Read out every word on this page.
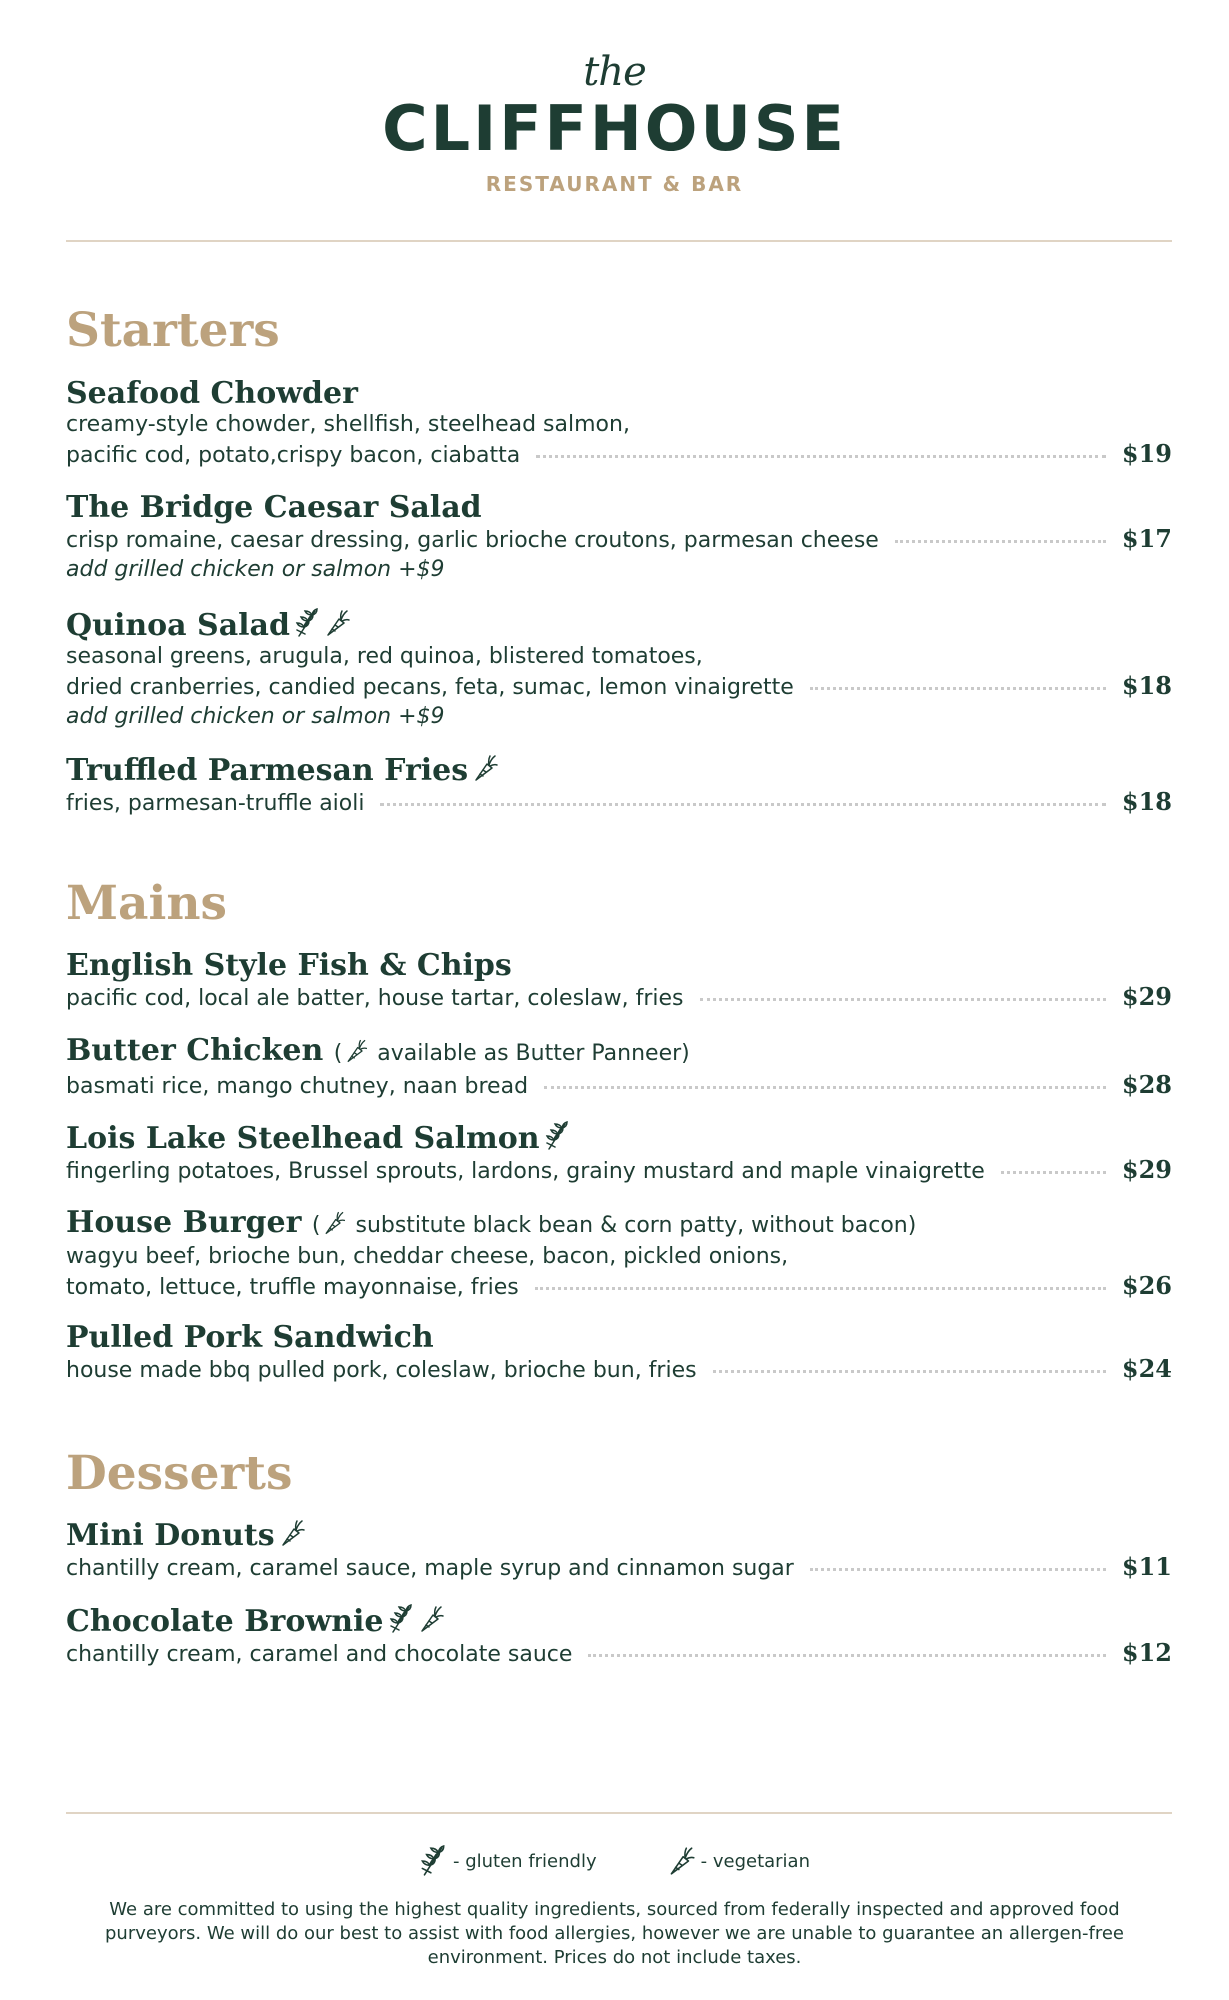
the
CLIFFHOUSE
RESTAURANT & BAR
Starters
Seafood Chowder
creamy-style chowder, shellfish, steelhead salmon,
pacific cod, potato,crispy bacon, ciabatta	$19
The Bridge Caesar Salad
crisp romaine, caesar dressing, garlic brioche croutons, parmesan cheese	$17
add grilled chicken or salmon +$9
Quinoa Salad
seasonal greens, arugula, red quinoa, blistered tomatoes,
dried cranberries, candied pecans, feta, sumac, lemon vinaigrette	$18
add grilled chicken or salmon +$9
Truffled Parmesan Fries
fries, parmesan-truffle aioli	$18
Mains
English Style Fish & Chips
pacific cod, local ale batter, house tartar, coleslaw, fries	$29
Butter Chicken ( available as Butter Panneer)
basmati rice, mango chutney, naan bread	$28
Lois Lake Steelhead Salmon
fingerling potatoes, Brussel sprouts, lardons, grainy mustard and maple vinaigrette	$29
House Burger ( substitute black bean & corn patty, without bacon)
wagyu beef, brioche bun, cheddar cheese, bacon, pickled onions,
tomato, lettuce, truffle mayonnaise, fries	$26
Pulled Pork Sandwich
house made bbq pulled pork, coleslaw, brioche bun, fries	$24
Desserts
Mini Donuts
chantilly cream, caramel sauce, maple syrup and cinnamon sugar	$11
Chocolate Brownie
chantilly cream, caramel and chocolate sauce	$12
- gluten friendly	- vegetarian
We are committed to using the highest quality ingredients, sourced from federally inspected and approved food purveyors. We will do our best to assist with food allergies, however we are unable to guarantee an allergen-free environment. Prices do not include taxes.
